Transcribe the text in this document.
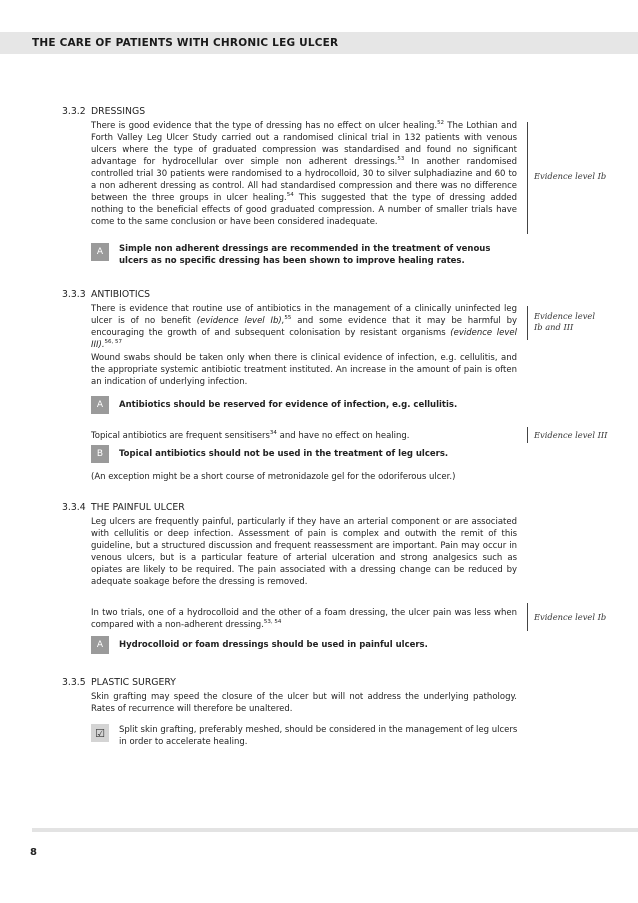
THE CARE OF PATIENTS WITH CHRONIC LEG ULCER
3.3.2 DRESSINGS

There is good evidence that the type of dressing has no effect on ulcer healing.$^{52}$ The Lothian and Forth Valley Leg Ulcer Study carried out a randomised clinical trial in 132 patients with venous ulcers where the type of graduated compression was standardised and found no significant advantage for hydrocellular over simple non adherent dressings.$^{53}$ In another randomised controlled trial 30 patients were randomised to a hydrocolloid, 30 to silver sulphadiazine and 60 to a non adherent dressing as control. All had standardised compression and there was no difference between the three groups in ulcer healing.$^{54}$ This suggested that the type of dressing added nothing to the beneficial effects of good graduated compression. A number of smaller trials have come to the same conclusion or have been considered inadequate.

Evidence level Ib
A	Simple non adherent dressings are recommended in the treatment of venous ulcers as no specific dressing has been shown to improve healing rates.

3.3.3 ANTIBIOTICS

There is evidence that routine use of antibiotics in the management of a clinically uninfected leg ulcer is of no benefit (evidence level Ib),$^{55}$ and some evidence that it may be harmful by encouraging the growth of and subsequent colonisation by resistant organisms (evidence level III).$^{56, 57}$

Evidence level
Ib and III

Wound swabs should be taken only when there is clinical evidence of infection, e.g. cellulitis, and the appropriate systemic antibiotic treatment instituted. An increase in the amount of pain is often an indication of underlying infection.

A	Antibiotics should be reserved for evidence of infection, e.g. cellulitis.

Topical antibiotics are frequent sensitisers$^{34}$ and have no effect on healing.	Evidence level III
B	Topical antibiotics should not be used in the treatment of leg ulcers.

(An exception might be a short course of metronidazole gel for the odoriferous ulcer.)

3.3.4 THE PAINFUL ULCER

Leg ulcers are frequently painful, particularly if they have an arterial component or are associated with cellulitis or deep infection. Assessment of pain is complex and outwith the remit of this guideline, but a structured discussion and frequent reassessment are important. Pain may occur in venous ulcers, but is a particular feature of arterial ulceration and strong analgesics such as opiates are likely to be required. The pain associated with a dressing change can be reduced by adequate soakage before the dressing is removed.

In two trials, one of a hydrocolloid and the other of a foam dressing, the ulcer pain was less when compared with a non-adherent dressing.$^{53, 54}$

Evidence level Ib
A	Hydrocolloid or foam dressings should be used in painful ulcers.

3.3.5 PLASTIC SURGERY

Skin grafting may speed the closure of the ulcer but will not address the underlying pathology. Rates of recurrence will therefore be unaltered.

☑	Split skin grafting, preferably meshed, should be considered in the management of leg ulcers in order to accelerate healing.

8
